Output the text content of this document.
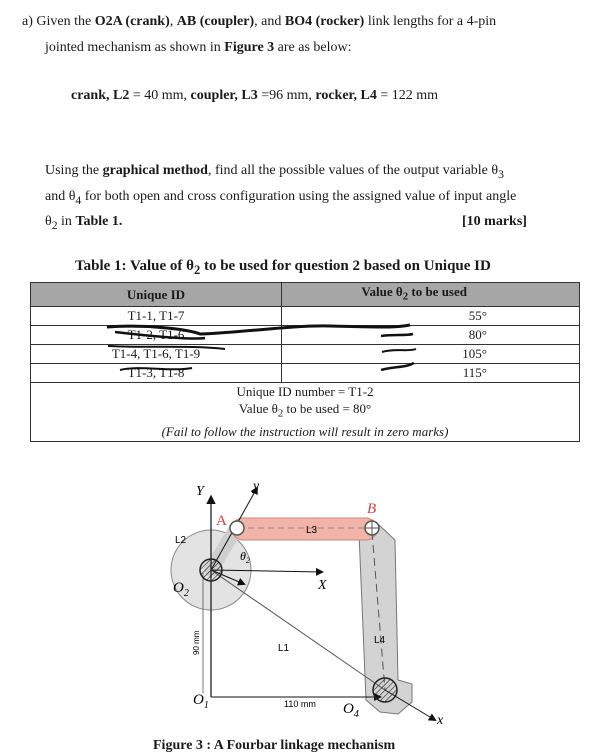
a) Given the O2A (crank), AB (coupler), and BO4 (rocker) link lengths for a 4-pin
jointed mechanism as shown in Figure 3 are as below:
crank, L2 = 40 mm, coupler, L3 =96 mm, rocker, L4 = 122 mm
Using the graphical method, find all the possible values of the output variable $\theta_3$
and $\theta_4$ for both open and cross configuration using the assigned value of input angle
$\theta_2$ in Table 1.	[10 marks]
Table 1: Value of $\theta_2$ to be used for question 2 based on Unique ID
Unique ID	Value $\theta_2$ to be used
T1-1, T1-7	55°
T1-2, T1-6	80°
T1-4, T1-6, T1-9	105°
T1-3, T1-8	115°

Unique ID number = T1-2
Value $\theta_2$ to be used = 80°
(Fail to follow the instruction will result in zero marks)	
Y	y
A
B
L2
L3
L1
L4
$\theta_2$
X
x
$O_2$
$O_1$	$O_4$
90 mm
110 mm
Figure 3 : A Fourbar linkage mechanism
